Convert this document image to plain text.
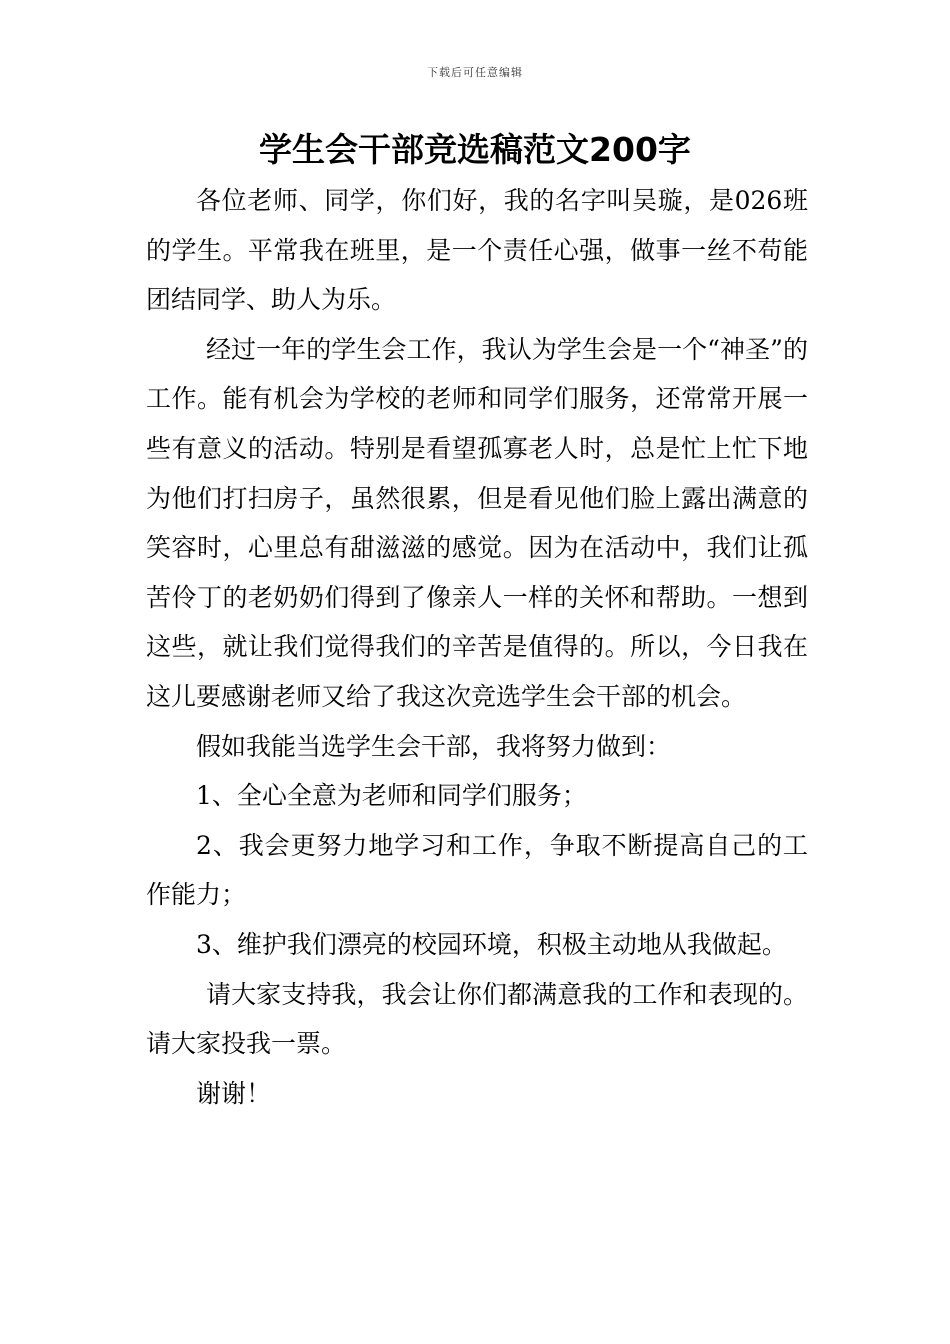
下载后可任意编辑
学生会干部竞选稿范文200字

各位老师、同学，你们好，我的名字叫吴璇，是026班的学生。平常我在班里，是一个责任心强，做事一丝不苟能团结同学、助人为乐。

经过一年的学生会工作，我认为学生会是一个“神圣”的工作。能有机会为学校的老师和同学们服务，还常常开展一些有意义的活动。特别是看望孤寡老人时，总是忙上忙下地为他们打扫房子，虽然很累，但是看见他们脸上露出满意的笑容时，心里总有甜滋滋的感觉。因为在活动中，我们让孤苦伶丁的老奶奶们得到了像亲人一样的关怀和帮助。一想到这些，就让我们觉得我们的辛苦是值得的。所以，今日我在这儿要感谢老师又给了我这次竞选学生会干部的机会。

假如我能当选学生会干部，我将努力做到：

1、全心全意为老师和同学们服务；

2、我会更努力地学习和工作，争取不断提高自己的工作能力；

3、维护我们漂亮的校园环境，积极主动地从我做起。

请大家支持我，我会让你们都满意我的工作和表现的。请大家投我一票。

谢谢！
